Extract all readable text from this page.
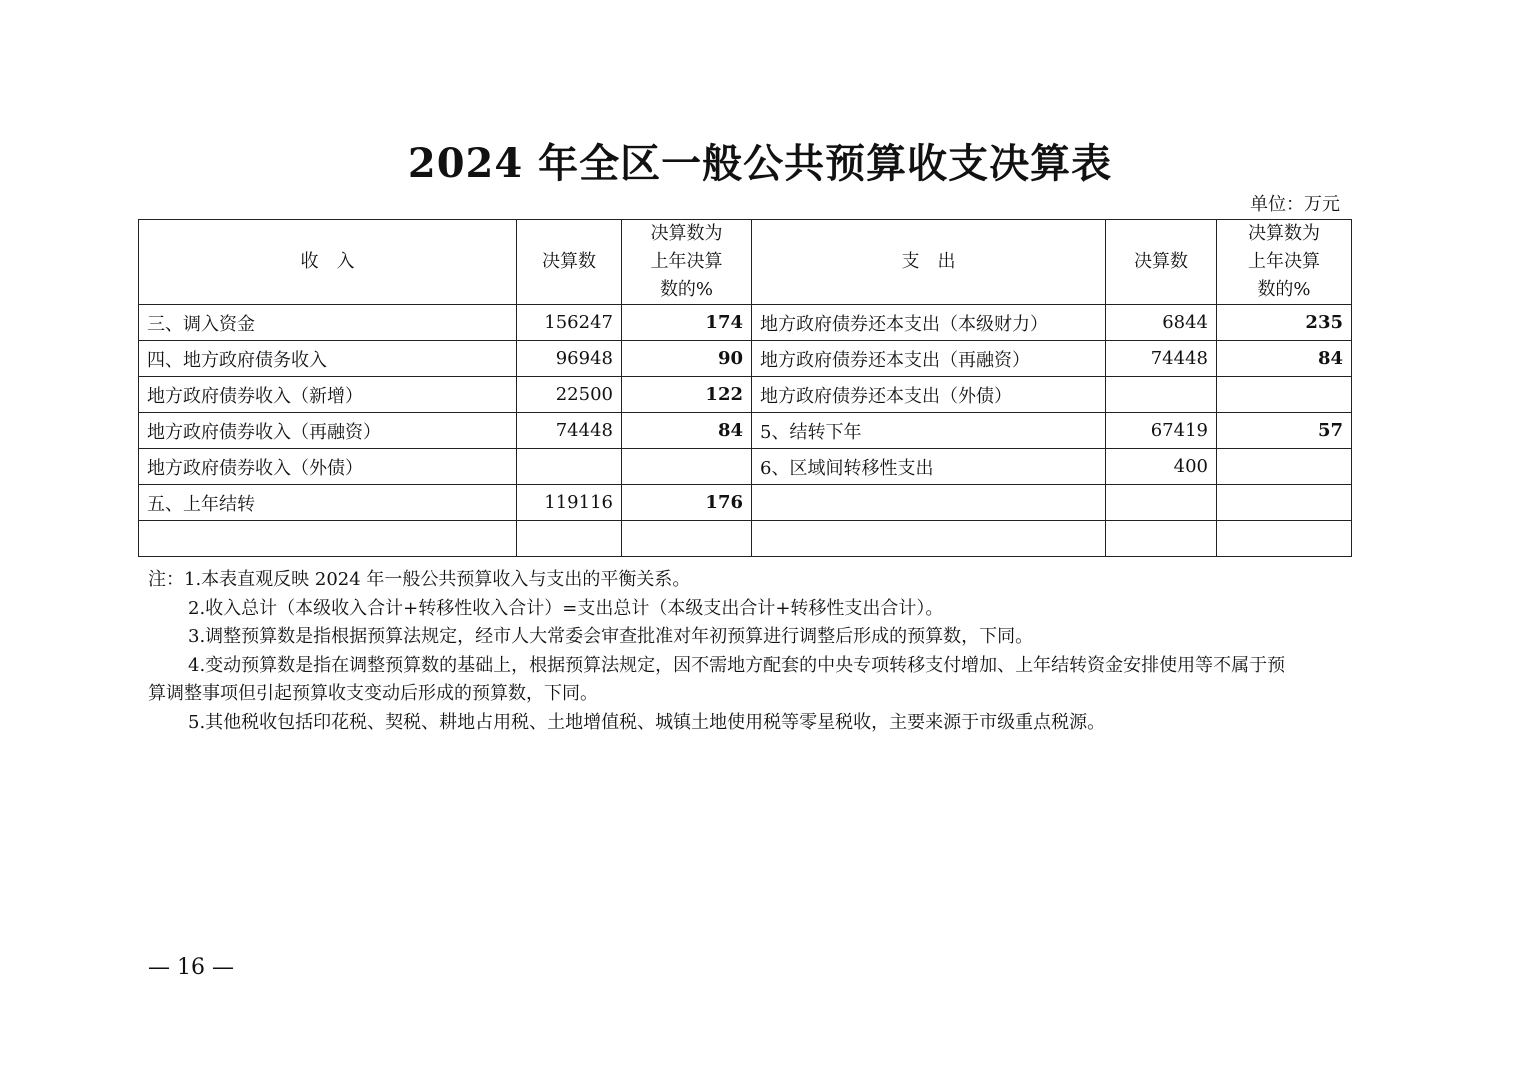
2024 年全区一般公共预算收支决算表
单位：万元
收　入	决算数	决算数为上年决算数的%	支　出	决算数	决算数为上年决算数的%
三、调入资金	156247	174	地方政府债券还本支出（本级财力）	6844	235
四、地方政府债务收入	96948	90	地方政府债券还本支出（再融资）	74448	84
地方政府债券收入（新增）	22500	122	地方政府债券还本支出（外债）		
地方政府债券收入（再融资）	74448	84	5、结转下年	67419	57
地方政府债券收入（外债）			6、区域间转移性支出	400	
五、上年结转	119116	176			

注：1.本表直观反映 2024 年一般公共预算收入与支出的平衡关系。

2.收入总计（本级收入合计+转移性收入合计）=支出总计（本级支出合计+转移性支出合计）。

3.调整预算数是指根据预算法规定，经市人大常委会审查批准对年初预算进行调整后形成的预算数，下同。

4.变动预算数是指在调整预算数的基础上，根据预算法规定，因不需地方配套的中央专项转移支付增加、上年结转资金安排使用等不属于预

算调整事项但引起预算收支变动后形成的预算数，下同。

5.其他税收包括印花税、契税、耕地占用税、土地增值税、城镇土地使用税等零星税收，主要来源于市级重点税源。

— 16 —
